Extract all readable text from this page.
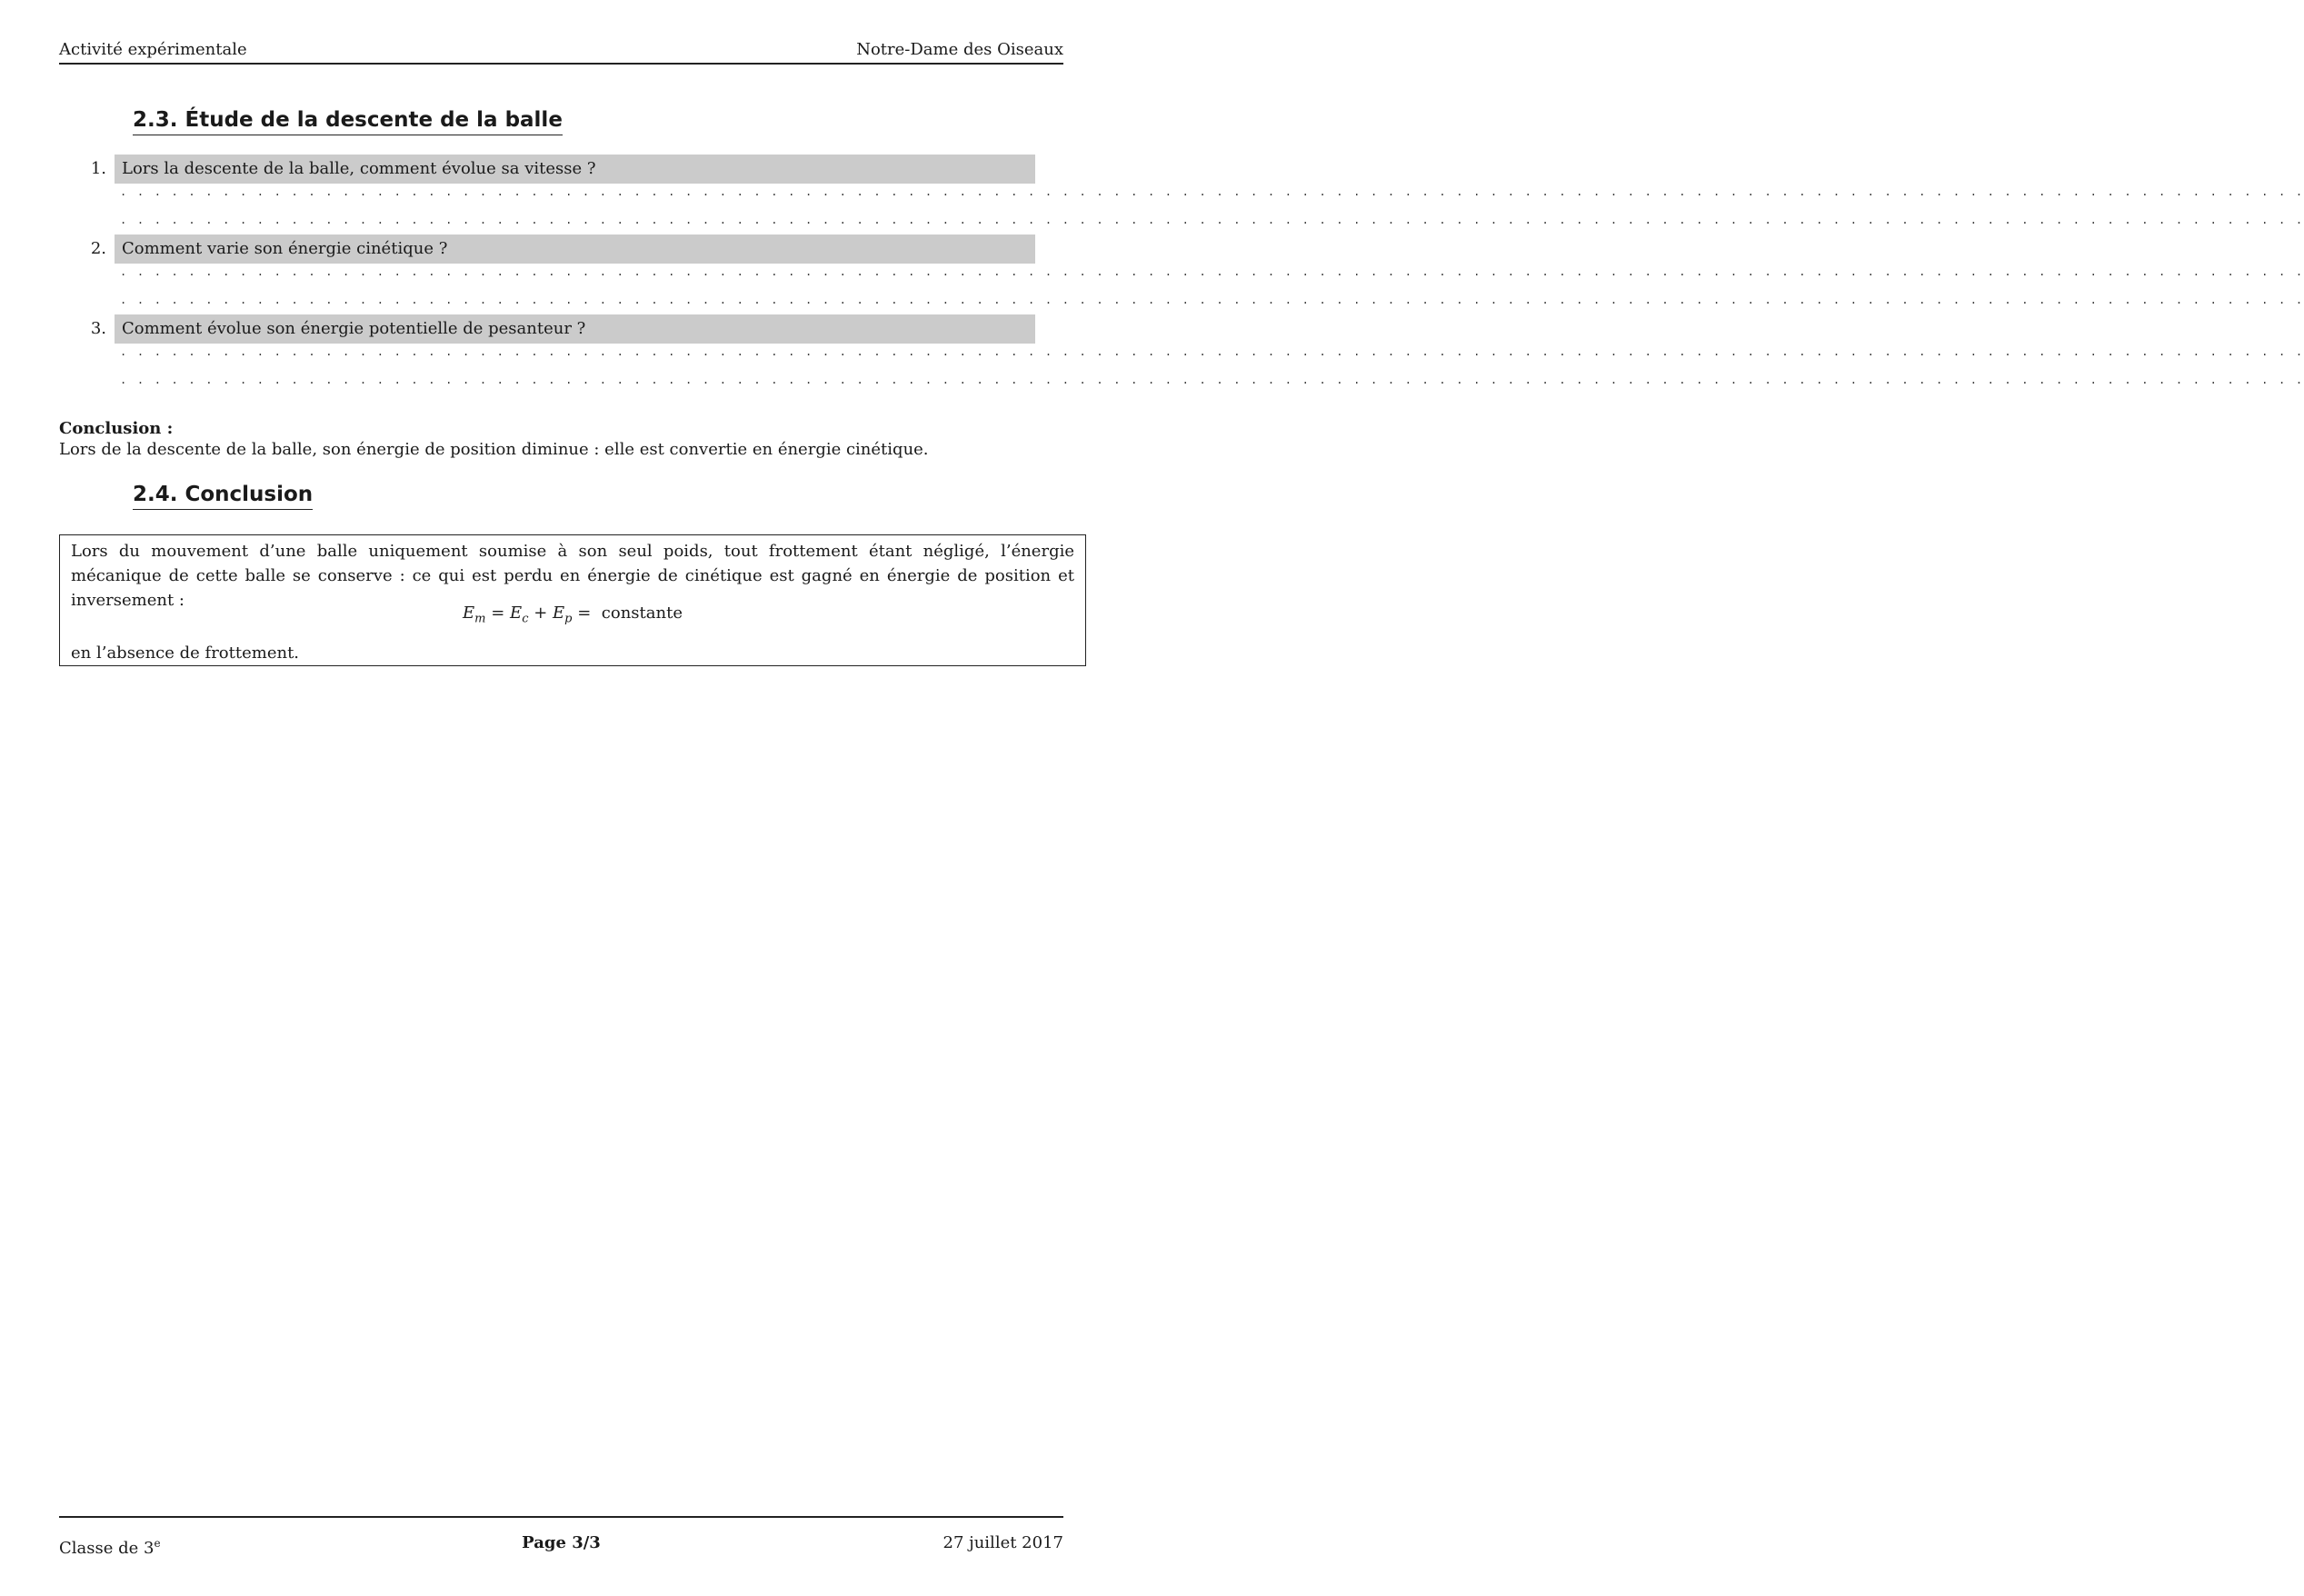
Activité expérimentale	Notre-Dame des Oiseaux
2.3. Étude de la descente de la balle
1. Lors la descente de la balle, comment évolue sa vitesse ?
. . . . . . . . . . . . . . . . . . . . . . . . . . . . . . . . . . . . . . . . . . . . . . . . . . . . . . . . . . . . . . . . . . . . . . . . . . . . . . . . . . . . . . . . . . . . . . . . . . . . . . . . . . . . . . . . . . . . . . . . . . . . . . . .
. . . . . . . . . . . . . . . . . . . . . . . . . . . . . . . . . . . . . . . . . . . . . . . . . . . . . . . . . . . . . . . . . . . . . . . . . . . . . . . . . . . . . . . . . . . . . . . . . . . . . . . . . . . . . . . . . . . . . . . . . . . . . . . .
2. Comment varie son énergie cinétique ?
. . . . . . . . . . . . . . . . . . . . . . . . . . . . . . . . . . . . . . . . . . . . . . . . . . . . . . . . . . . . . . . . . . . . . . . . . . . . . . . . . . . . . . . . . . . . . . . . . . . . . . . . . . . . . . . . . . . . . . . . . . . . . . . .
. . . . . . . . . . . . . . . . . . . . . . . . . . . . . . . . . . . . . . . . . . . . . . . . . . . . . . . . . . . . . . . . . . . . . . . . . . . . . . . . . . . . . . . . . . . . . . . . . . . . . . . . . . . . . . . . . . . . . . . . . . . . . . . .
3. Comment évolue son énergie potentielle de pesanteur ?
. . . . . . . . . . . . . . . . . . . . . . . . . . . . . . . . . . . . . . . . . . . . . . . . . . . . . . . . . . . . . . . . . . . . . . . . . . . . . . . . . . . . . . . . . . . . . . . . . . . . . . . . . . . . . . . . . . . . . . . . . . . . . . . .
. . . . . . . . . . . . . . . . . . . . . . . . . . . . . . . . . . . . . . . . . . . . . . . . . . . . . . . . . . . . . . . . . . . . . . . . . . . . . . . . . . . . . . . . . . . . . . . . . . . . . . . . . . . . . . . . . . . . . . . . . . . . . . . .
Conclusion :
Lors de la descente de la balle, son énergie de position diminue : elle est convertie en énergie cinétique.
2.4. Conclusion
Lors du mouvement d’une balle uniquement soumise à son seul poids, tout frottement étant négligé, l’énergie mécanique de cette balle se conserve : ce qui est perdu en énergie de cinétique est gagné en énergie de position et inversement :
$E_m = E_c + E_p$ = constante
en l’absence de frottement.
Classe de 3e	Page 3/3	27 juillet 2017
